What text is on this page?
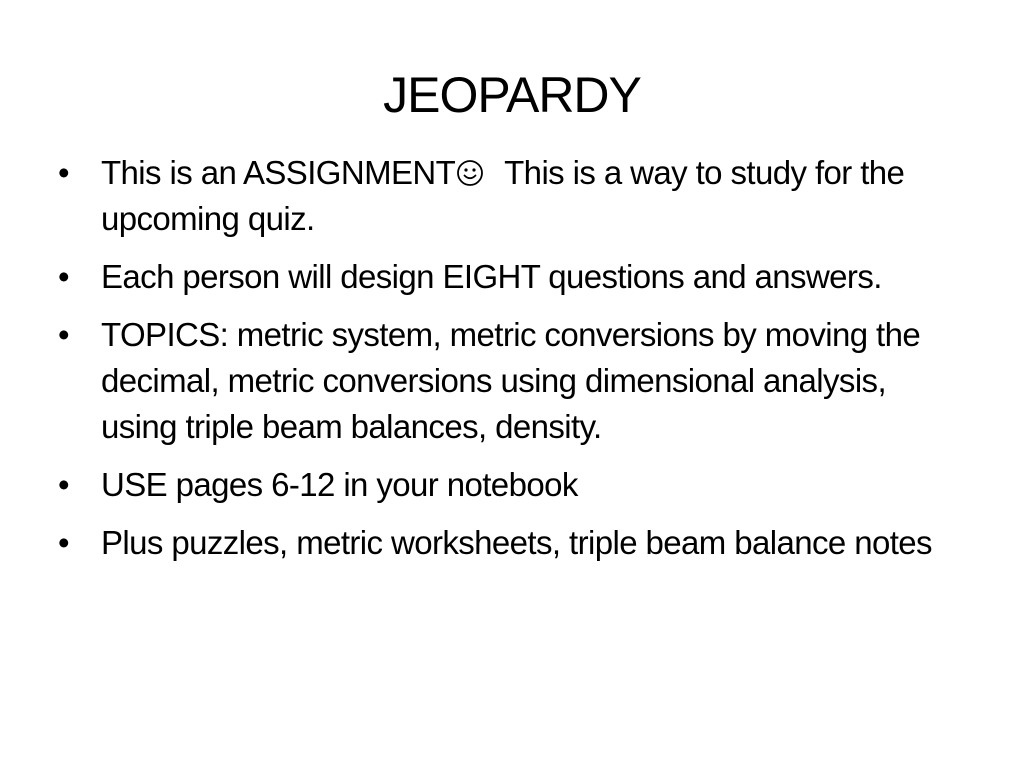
JEOPARDY
• This is an ASSIGNMENT This is a way to study for the upcoming quiz.
• Each person will design EIGHT questions and answers.
• TOPICS: metric system, metric conversions by moving the decimal, metric conversions using dimensional analysis, using triple beam balances, density.
• USE pages 6-12 in your notebook
• Plus puzzles, metric worksheets, triple beam balance notes
